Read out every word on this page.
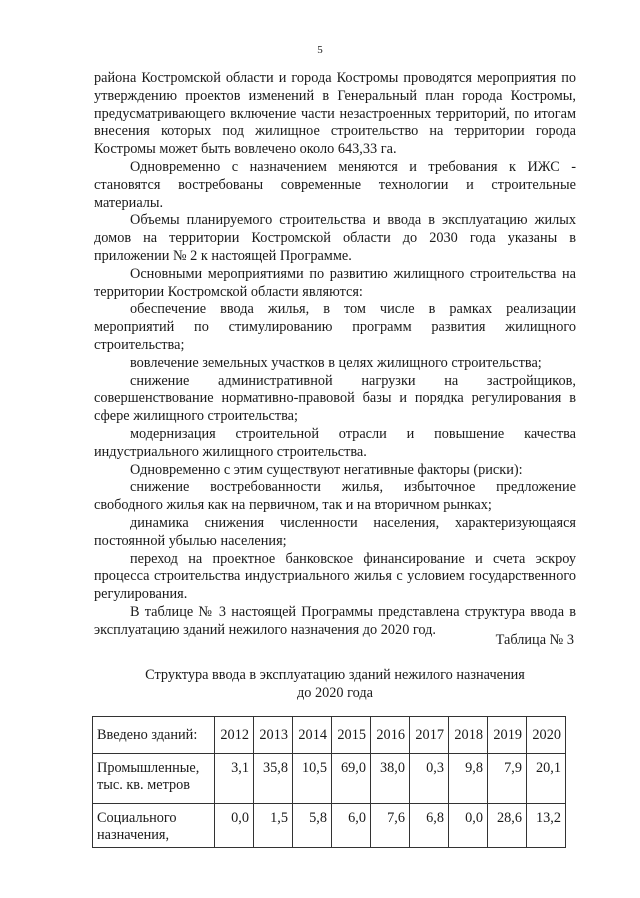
5

района Костромской области и города Костромы проводятся мероприятия по утверждению проектов изменений в Генеральный план города Костромы, предусматривающего включение части незастроенных территорий, по итогам внесения которых под жилищное строительство на территории города Костромы может быть вовлечено около 643,33 га.

Одновременно с назначением меняются и требования к ИЖС - становятся востребованы современные технологии и строительные материалы.

Объемы планируемого строительства и ввода в эксплуатацию жилых домов на территории Костромской области до 2030 года указаны в приложении № 2 к настоящей Программе.

Основными мероприятиями по развитию жилищного строительства на территории Костромской области являются:

обеспечение ввода жилья, в том числе в рамках реализации мероприятий по стимулированию программ развития жилищного строительства;

вовлечение земельных участков в целях жилищного строительства;

снижение административной нагрузки на застройщиков, совершенствование нормативно-правовой базы и порядка регулирования в сфере жилищного строительства;

модернизация строительной отрасли и повышение качества индустриального жилищного строительства.

Одновременно с этим существуют негативные факторы (риски):

снижение востребованности жилья, избыточное предложение свободного жилья как на первичном, так и на вторичном рынках;

динамика снижения численности населения, характеризующаяся постоянной убылью населения;

переход на проектное банковское финансирование и счета эскроу процесса строительства индустриального жилья с условием государственного регулирования.

В таблице № 3 настоящей Программы представлена структура ввода в эксплуатацию зданий нежилого назначения до 2020 год.

Таблица № 3
Структура ввода в эксплуатацию зданий нежилого назначения
до 2020 года
Введено зданий:	2012	2013	2014	2015	2016	2017	2018	2019	2020
Промышленные, тыс. кв. метров	3,1	35,8	10,5	69,0	38,0	0,3	9,8	7,9	20,1
Социального назначения,	0,0	1,5	5,8	6,0	7,6	6,8	0,0	28,6	13,2
